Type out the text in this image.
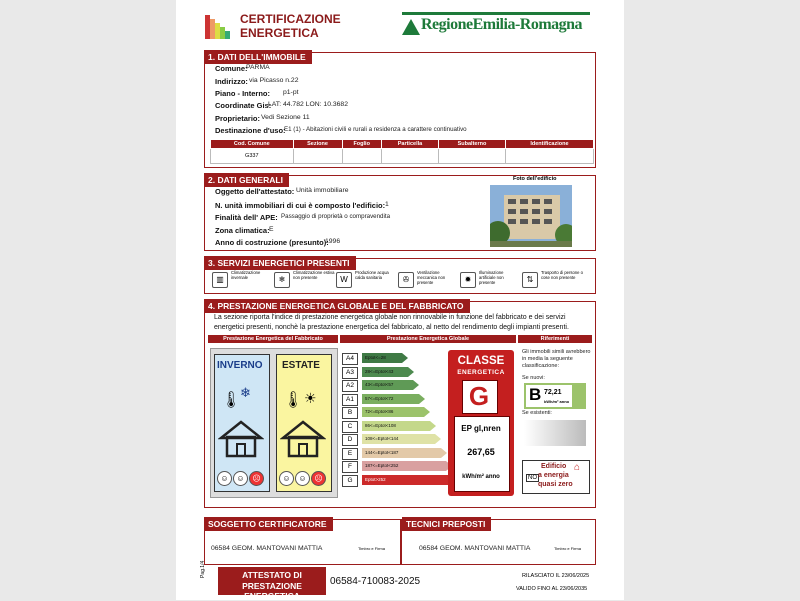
CERTIFICAZIONE
ENERGETICA	RegioneEmilia-Romagna
1. DATI DELL'IMMOBILE
Comune:
PARMA
Indirizzo: via Picasso n.22
Piano - Interno: p1-pt
Coordinate Gis:
LAT: 44.782 LON: 10.3682
Proprietario: Vedi Sezione 11
Destinazione d'uso:
E1 (1) - Abitazioni civili e rurali a residenza a carattere continuativo
Cod. Comune	Sezione	Foglio	Particella	Subalterno	Identificazione
G337					
2. DATI GENERALI
Oggetto dell'attestato: Unità immobiliare
N. unità immobiliari di cui è composto l'edificio: 1
Finalità dell' APE: Passaggio di proprietà o compravendita
Zona climatica: E
Anno di costruzione (presunto):
1996
Foto dell'edificio
3. SERVIZI ENERGETICI PRESENTI
▥
Climatizzazione invernale	❄
Climatizzazione estiva non presente	W
Produzione acqua calda sanitaria	✇
Ventilazione meccanica non presente	✹
Illuminazione artificiale non presente	⇅
Trasporto di persone o cose non presente
4. PRESTAZIONE ENERGETICA GLOBALE E DEL FABBRICATO
La sezione riporta l'indice di prestazione energetica globale non rinnovabile in funzione del fabbricato e dei servizi energetici presenti, nonchè la prestazione energetica del fabbricato, al netto del rendimento degli impianti presenti.
Prestazione Energetica del Fabbricato	Prestazione Energetica Globale	Riferimenti
INVERNO
❄
🌡
☺ ☺ ☹
ESTATE
🌡 ☀
☺ ☺ ☹
A4	Eptot<=28
A3	28<=Eptot<43
A2	43<=Eptot<57
A1	57<=Eptot<72
B	72<=Eptot<86
C	86<=Eptot<108
D	108<=Eptot<144
E	144<=Eptot<187
F	187<=Eptot<252
G	Eptot>252
CLASSE
ENERGETICA
G
EP gl,nren
267,65
kWh/m² anno
Gli immobili simili avrebbero in media la seguente classificazione:
Se nuovi:
B 72,21
kWh/m² anno
Se esistenti:
NO
Edificio
a energia
quasi zero
⌂
SOGGETTO CERTIFICATORE	TECNICI PREPOSTI
06584 GEOM. MANTOVANI MATTIA	Timbro e Firma	06584 GEOM. MANTOVANI MATTIA	Timbro e Firma
Pag.1/4	ATTESTATO DI
PRESTAZIONE ENERGETICA
06584-710083-2025	RILASCIATO IL 23/06/2025
VALIDO FINO AL 23/06/2035
